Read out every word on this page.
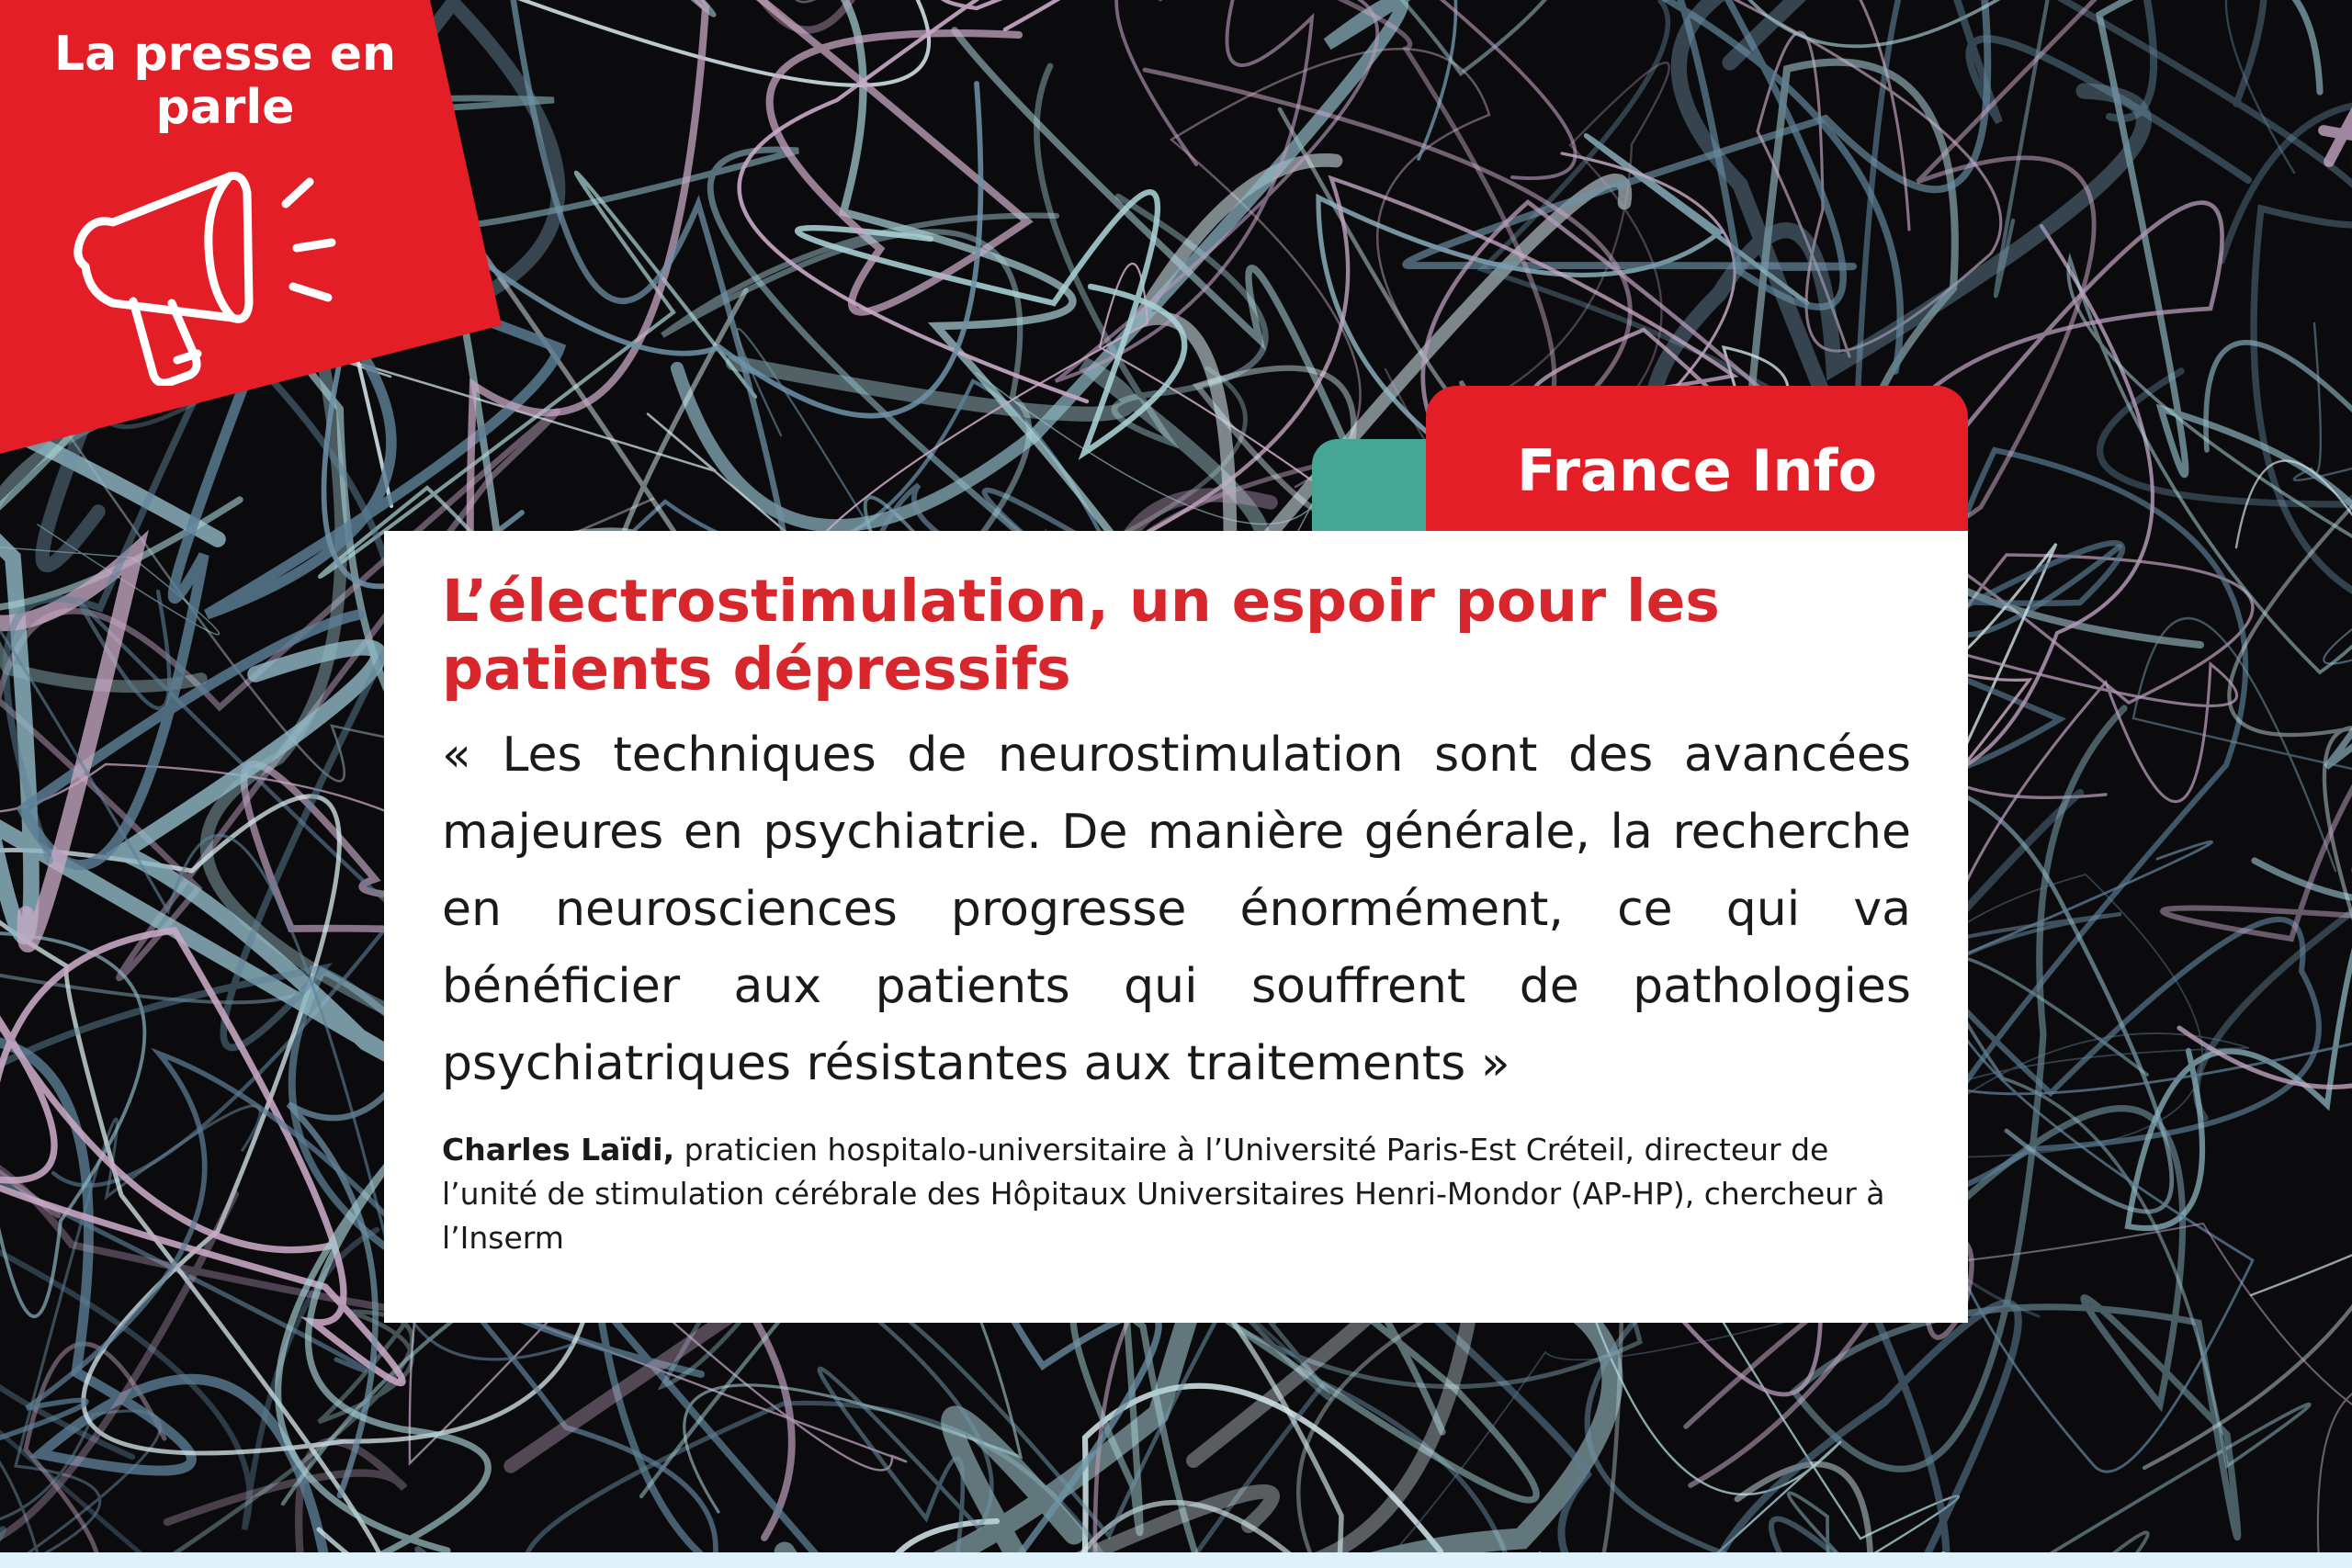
La presse en parle
France Info
L’électrostimulation, un espoir pour les patients dépressifs

« Les techniques de neurostimulation sont des avancées majeures en psychiatrie. De manière générale, la recherche en neurosciences progresse énormément, ce qui va bénéficier aux patients qui souffrent de pathologies psychiatriques résistantes aux traitements »

Charles Laïdi, praticien hospitalo-universitaire à l’Université Paris-Est Créteil, directeur de l’unité de stimulation cérébrale des Hôpitaux Universitaires Henri-Mondor (AP-HP), chercheur à l’Inserm
